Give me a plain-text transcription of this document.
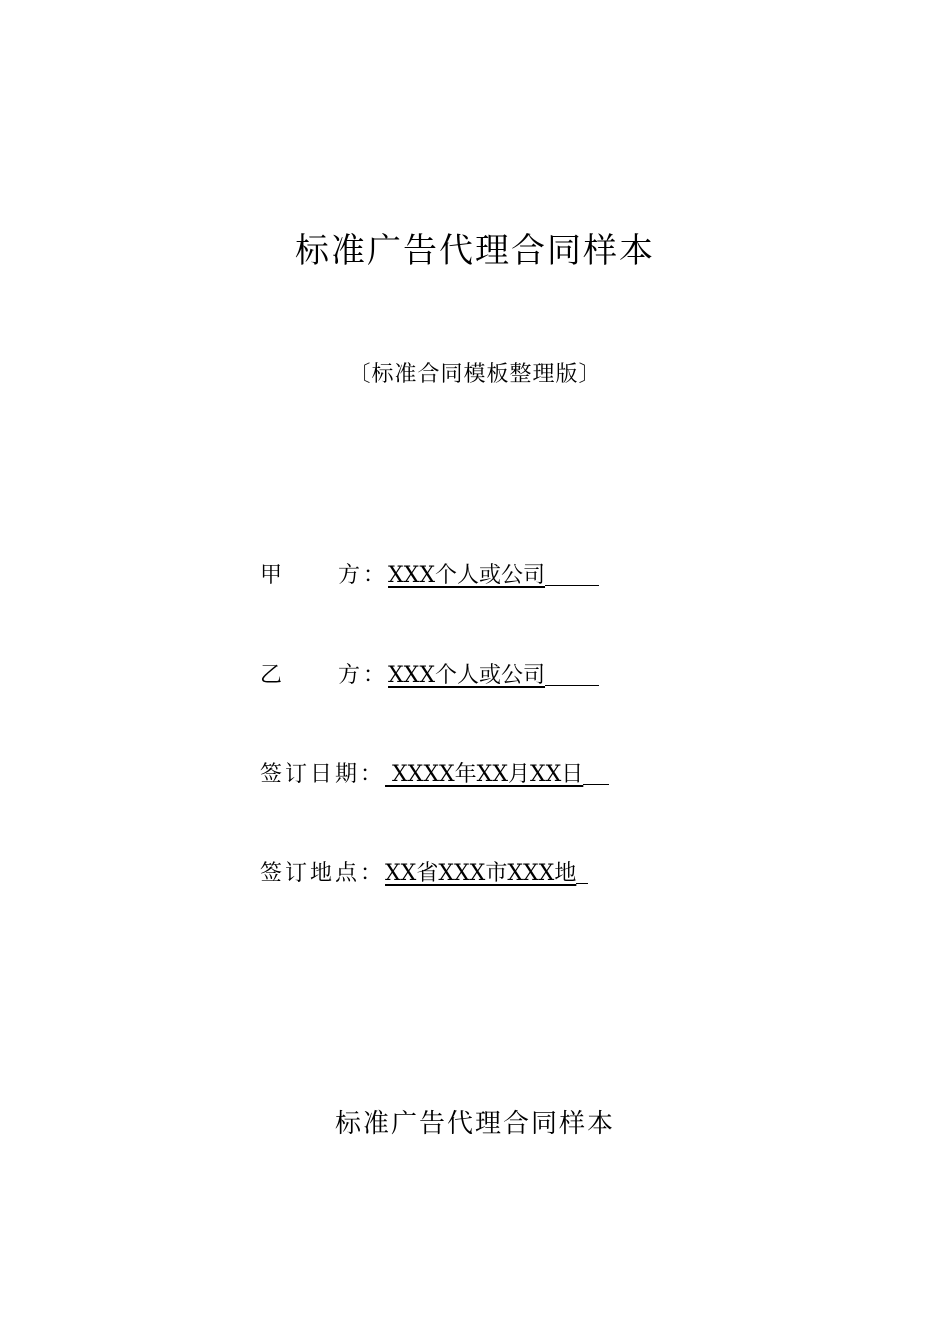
标准广告代理合同样本
〔标准合同模板整理版〕
甲 方：XXX个人或公司
乙 方：XXX个人或公司
签订日期： XXXX年XX月XX日
签订地点：XX省XXX市XXX地
标准广告代理合同样本
